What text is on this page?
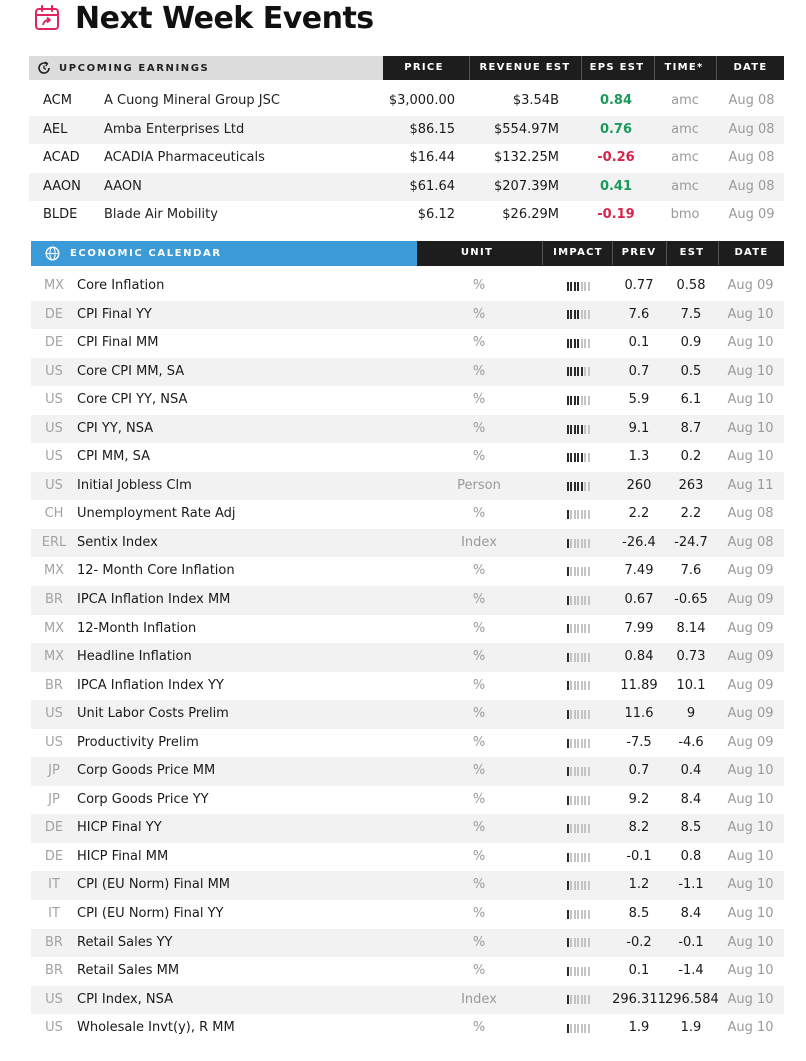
Next Week Events
UPCOMING EARNINGS	PRICE	REVENUE EST	EPS EST	TIME*	DATE
ACM A Cuong Mineral Group JSC	$3,000.00	$3.54B	0.84	amc	Aug 08
AEL	Amba Enterprises Ltd	$86.15	$554.97M	0.76	amc	Aug 08
ACAD ACADIA Pharmaceuticals	$16.44	$132.25M	-0.26	amc	Aug 08
AAON AAON	$61.64	$207.39M	0.41	amc	Aug 08
BLDE Blade Air Mobility	$6.12	$26.29M	-0.19	bmo	Aug 09
ECONOMIC CALENDAR	UNIT	IMPACT	PREV	EST	DATE
MX Core Inflation	%	0.77	0.58	Aug 09
DE	CPI Final YY	%	7.6	7.5	Aug 10
DE	CPI Final MM	%	0.1	0.9	Aug 10
US	Core CPI MM, SA	%	0.7	0.5	Aug 10
US	Core CPI YY, NSA	%	5.9	6.1	Aug 10
US	CPI YY, NSA	%	9.1	8.7	Aug 10
US	CPI MM, SA	%	1.3	0.2	Aug 10
US	Initial Jobless Clm	Person	260	263	Aug 11
CH	Unemployment Rate Adj	%	2.2	2.2	Aug 08
ERL Sentix Index	Index	-26.4	-24.7	Aug 08
MX 12- Month Core Inflation	%	7.49	7.6	Aug 09
BR	IPCA Inflation Index MM	%	0.67	-0.65	Aug 09
MX 12-Month Inflation	%	7.99	8.14	Aug 09
MX Headline Inflation	%	0.84	0.73	Aug 09
BR	IPCA Inflation Index YY	%	11.89	10.1	Aug 09
US	Unit Labor Costs Prelim	%	11.6	9	Aug 09
US	Productivity Prelim	%	-7.5	-4.6	Aug 09
JP	Corp Goods Price MM	%	0.7	0.4	Aug 10
JP	Corp Goods Price YY	%	9.2	8.4	Aug 10
DE	HICP Final YY	%	8.2	8.5	Aug 10
DE	HICP Final MM	%	-0.1	0.8	Aug 10
IT	CPI (EU Norm) Final MM	%	1.2	-1.1	Aug 10
IT	CPI (EU Norm) Final YY	%	8.5	8.4	Aug 10
BR	Retail Sales YY	%	-0.2	-0.1	Aug 10
BR	Retail Sales MM	%	0.1	-1.4	Aug 10
US	CPI Index, NSA	Index	296.311 296.584 Aug 10
US	Wholesale Invt(y), R MM	%	1.9	1.9	Aug 10
